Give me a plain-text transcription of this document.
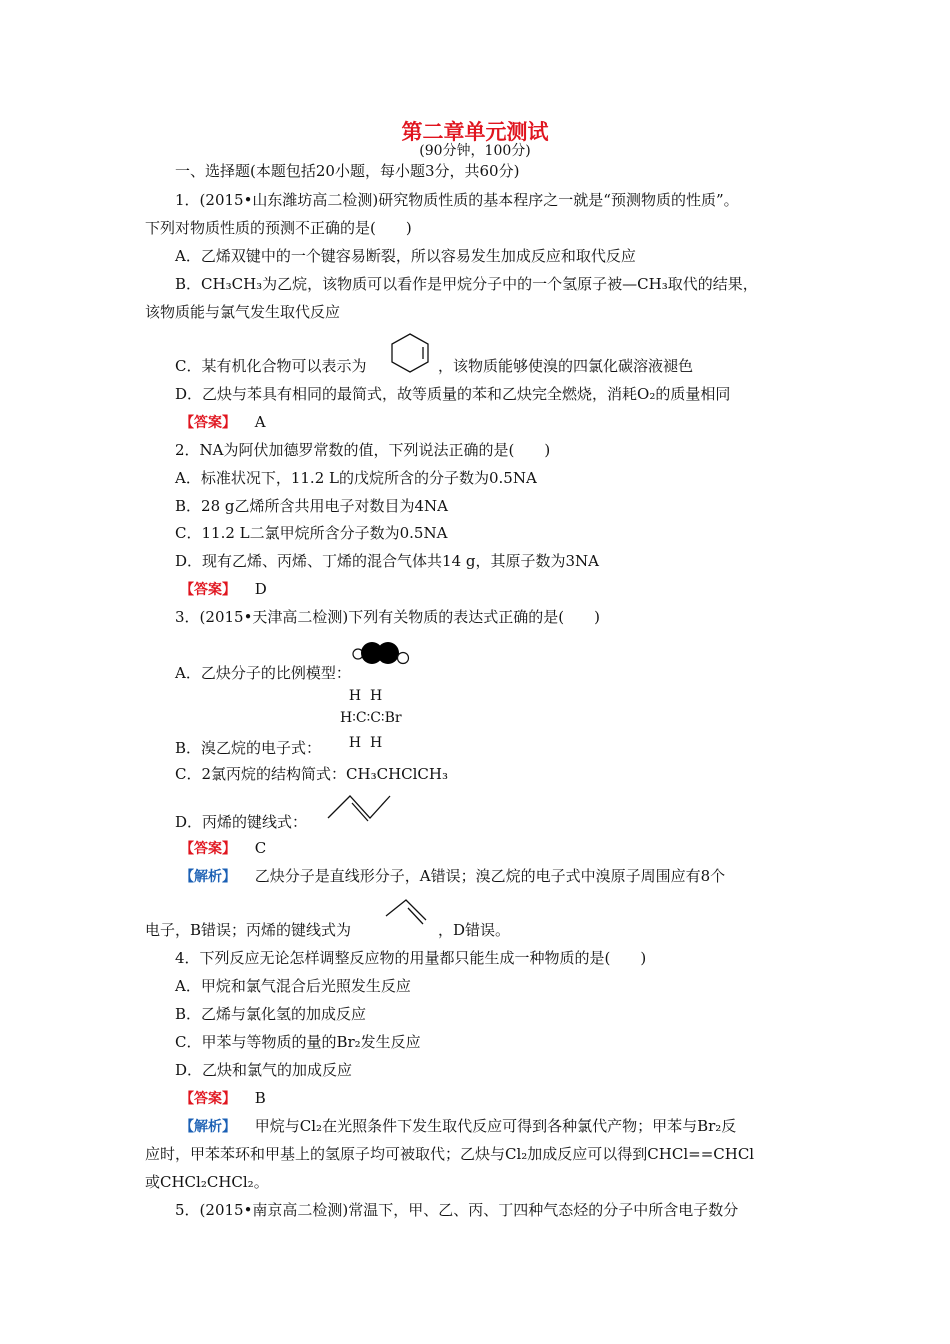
第二章单元测试
(90分钟，100分)
一、选择题(本题包括20小题，每小题3分，共60分)
1．(2015•山东潍坊高二检测)研究物质性质的基本程序之一就是“预测物质的性质”。
下列对物质性质的预测不正确的是(　　)
A．乙烯双键中的一个键容易断裂，所以容易发生加成反应和取代反应
B．CH₃CH₃为乙烷，该物质可以看作是甲烷分子中的一个氢原子被—CH₃取代的结果，
该物质能与氯气发生取代反应
C．某有机化合物可以表示为	，该物质能够使溴的四氯化碳溶液褪色
D．乙炔与苯具有相同的最简式，故等质量的苯和乙炔完全燃烧，消耗O₂的质量相同
【答案】 A
2．NA为阿伏加德罗常数的值，下列说法正确的是(　　)
A．标准状况下，11.2 L的戊烷所含的分子数为0.5NA
B．28 g乙烯所含共用电子对数目为4NA
C．11.2 L二氯甲烷所含分子数为0.5NA
D．现有乙烯、丙烯、丁烯的混合气体共14 g，其原子数为3NA
【答案】 D
3．(2015•天津高二检测)下列有关物质的表达式正确的是(　　)
A．乙炔分子的比例模型：
H  H
H∶C∶C∶Br
H  H
B．溴乙烷的电子式：
C．2氯丙烷的结构简式：CH₃CHClCH₃
D．丙烯的键线式：
【答案】 C
【解析】 乙炔分子是直线形分子，A错误；溴乙烷的电子式中溴原子周围应有8个
电子，B错误；丙烯的键线式为	，D错误。
4．下列反应无论怎样调整反应物的用量都只能生成一种物质的是(　　)
A．甲烷和氯气混合后光照发生反应
B．乙烯与氯化氢的加成反应
C．甲苯与等物质的量的Br₂发生反应
D．乙炔和氯气的加成反应
【答案】 B
【解析】 甲烷与Cl₂在光照条件下发生取代反应可得到各种氯代产物；甲苯与Br₂反
应时，甲苯苯环和甲基上的氢原子均可被取代；乙炔与Cl₂加成反应可以得到CHCl==CHCl
或CHCl₂CHCl₂。
5．(2015•南京高二检测)常温下，甲、乙、丙、丁四种气态烃的分子中所含电子数分
